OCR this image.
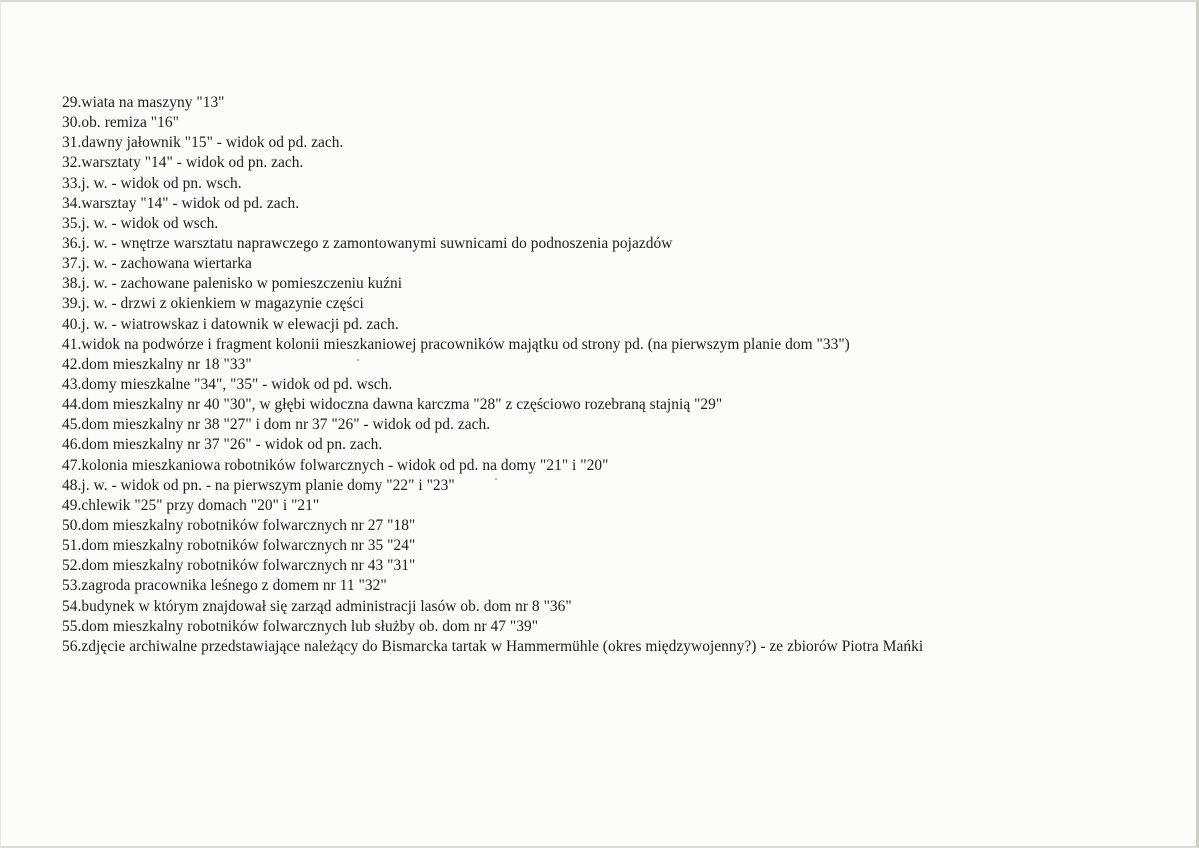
29 . wiata na maszyny "13"
30 . ob. remiza "16"
31 . dawny jałownik "15" - widok od pd. zach.
32 . warsztaty "14" - widok od pn. zach.
33 . j. w. - widok od pn. wsch.
34 . warsztay "14" - widok od pd. zach.
35 . j. w. - widok od wsch.
36 . j. w. - wnętrze warsztatu naprawczego z zamontowanymi suwnicami do podnoszenia pojazdów
37 . j. w. - zachowana wiertarka
38 . j. w. - zachowane palenisko w pomieszczeniu kuźni
39 . j. w. - drzwi z okienkiem w magazynie części
40 . j. w. - wiatrowskaz i datownik w elewacji pd. zach.
41 . widok na podwórze i fragment kolonii mieszkaniowej pracowników majątku od strony pd. (na pierwszym planie dom "33")
42 . dom mieszkalny nr 18 "33"
43 . domy mieszkalne "34", "35" - widok od pd. wsch.
44 . dom mieszkalny nr 40 "30", w głębi widoczna dawna karczma "28" z częściowo rozebraną stajnią "29"
45 . dom mieszkalny nr 38 "27" i dom nr 37 "26" - widok od pd. zach.
46 . dom mieszkalny nr 37 "26" - widok od pn. zach.
47 . kolonia mieszkaniowa robotników folwarcznych - widok od pd. na domy "21" i "20"
48 . j. w. - widok od pn. - na pierwszym planie domy "22" i "23"
49 . chlewik "25" przy domach "20" i "21"
50 . dom mieszkalny robotników folwarcznych nr 27 "18"
51 . dom mieszkalny robotników folwarcznych nr 35 "24"
52 . dom mieszkalny robotników folwarcznych nr 43 "31"
53 . zagroda pracownika leśnego z domem nr 11 "32"
54 . budynek w którym znajdował się zarząd administracji lasów ob. dom nr 8 "36"
55 . dom mieszkalny robotników folwarcznych lub służby ob. dom nr 47 "39"
56 . zdjęcie archiwalne przedstawiające należący do Bismarcka tartak w Hammermühle (okres międzywojenny?) - ze zbiorów Piotra Mańki
